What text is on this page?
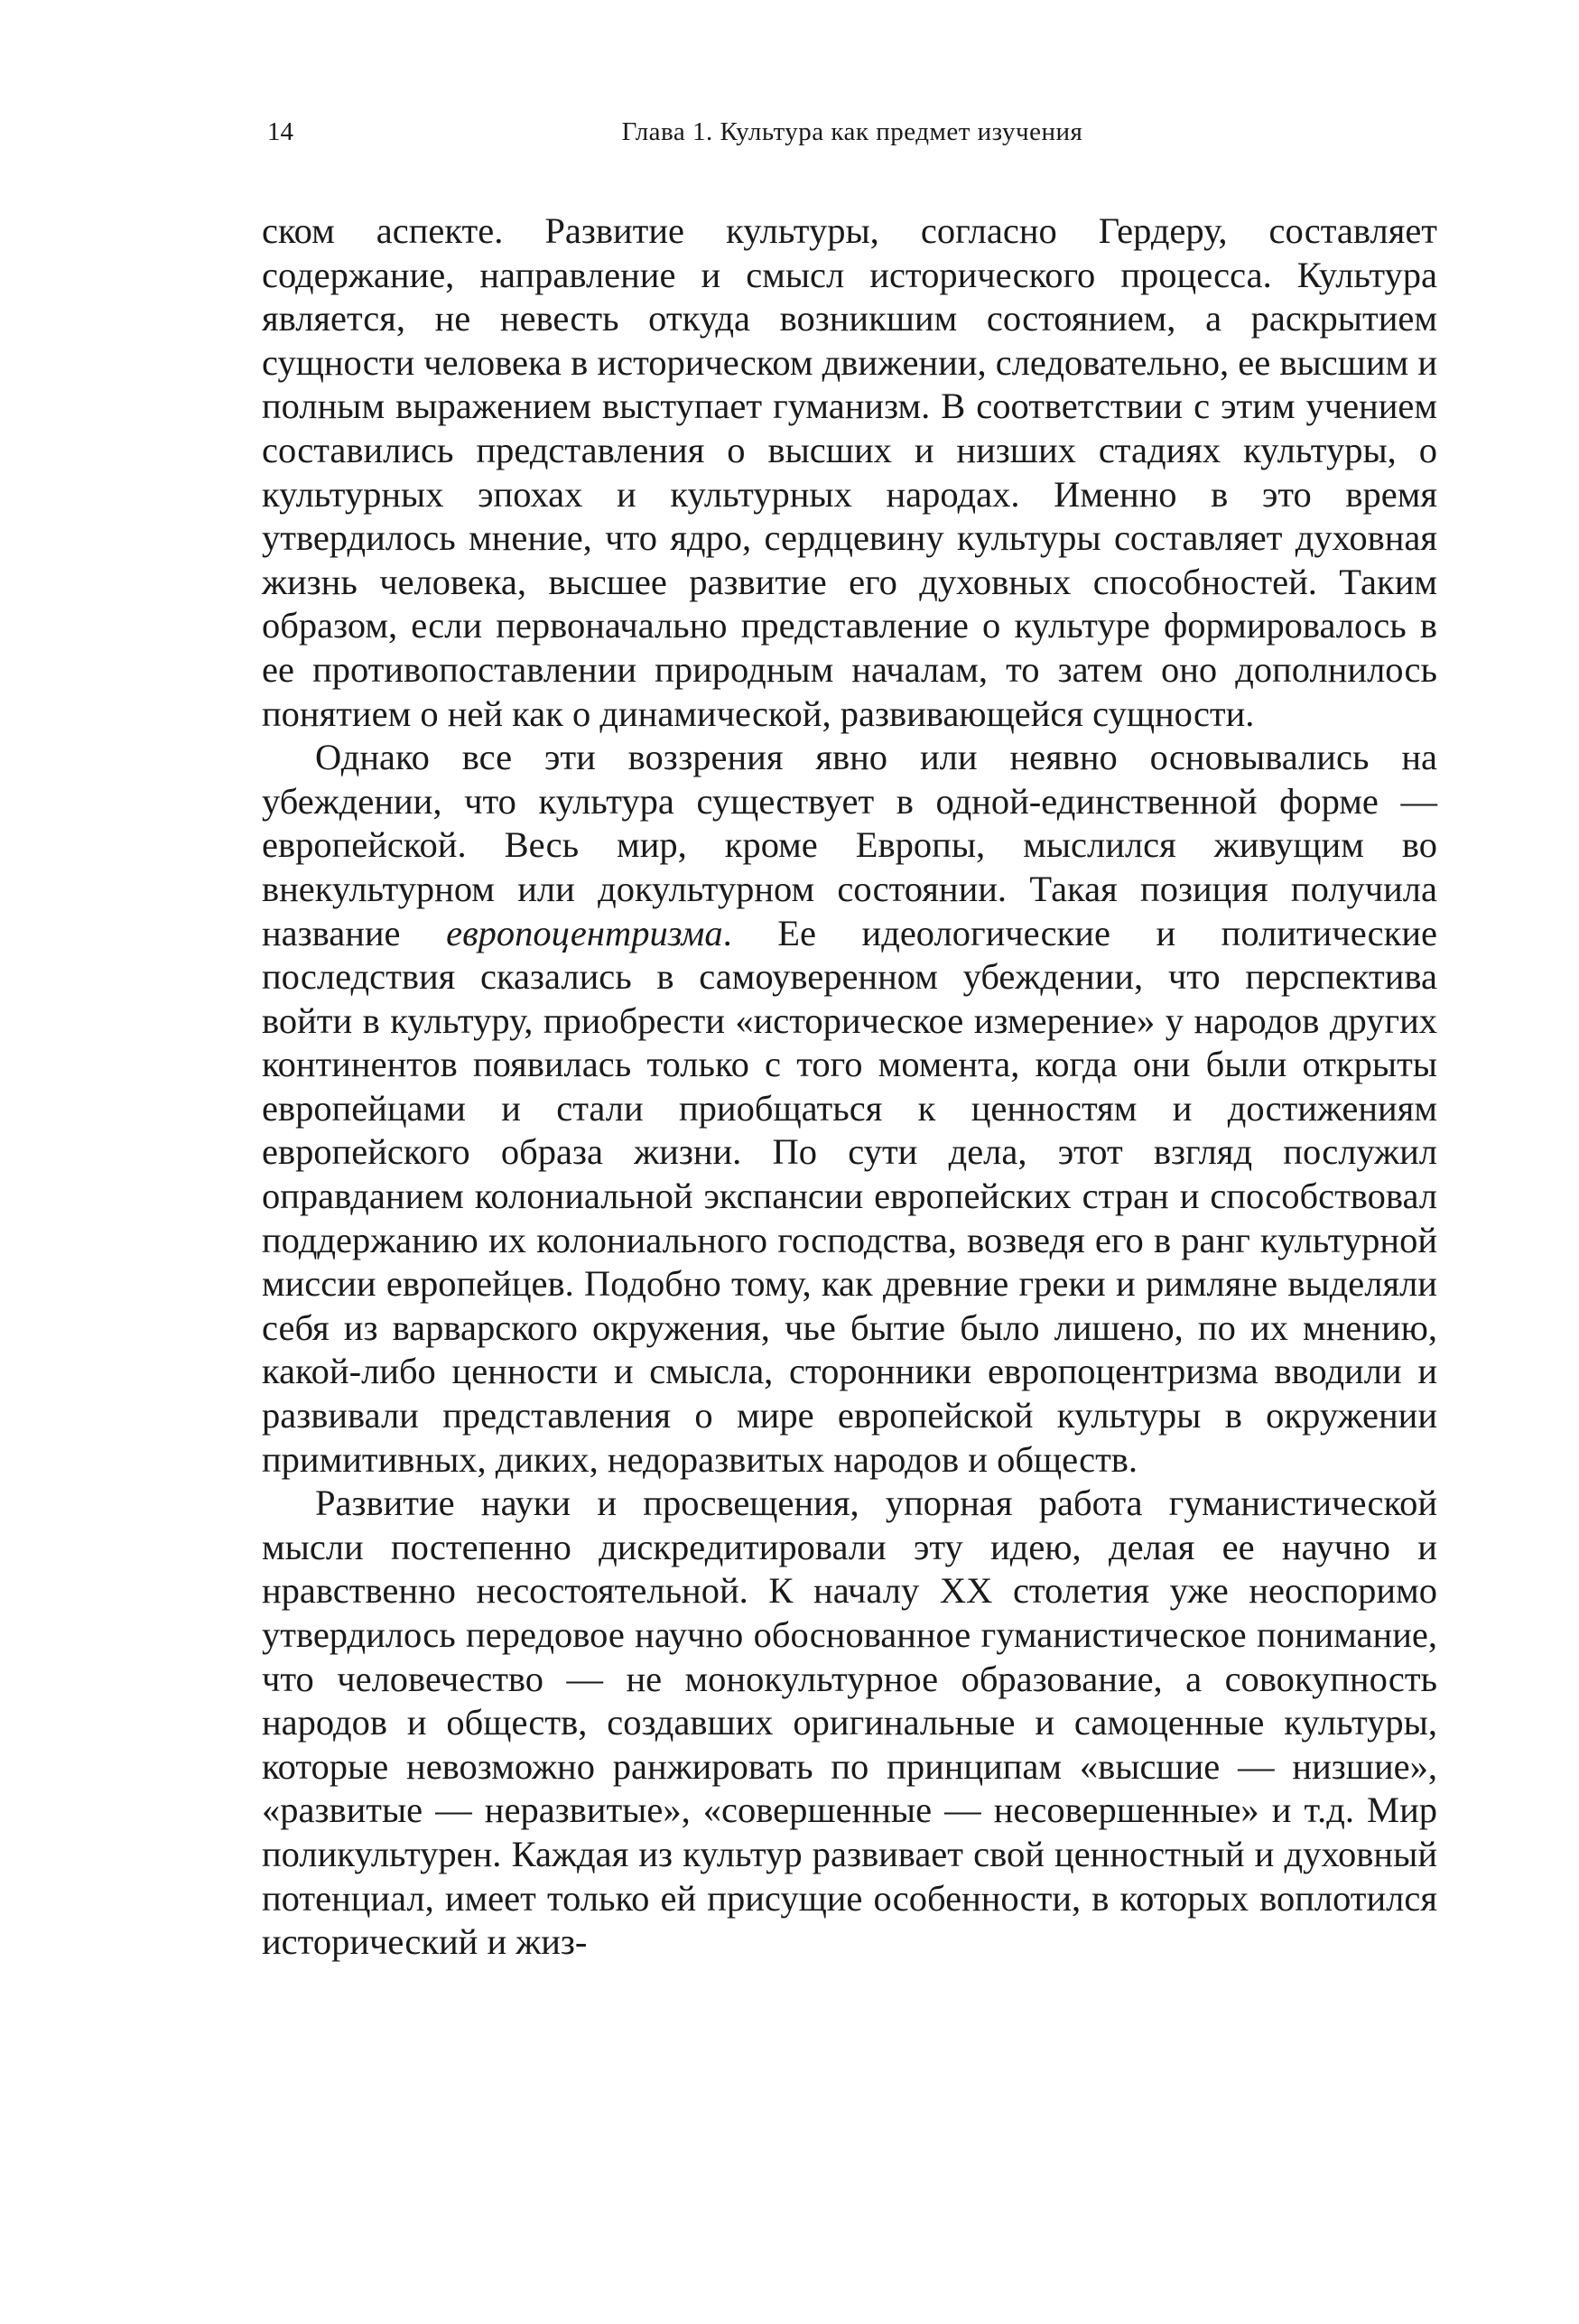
14	Глава 1. Культура как предмет изучения

ском аспекте. Развитие культуры, согласно Гердеру, составляет содержание, направление и смысл исторического процесса. Культура является, не невесть откуда возникшим состоянием, а раскрытием сущности человека в историческом движении, следовательно, ее высшим и полным выражением выступает гуманизм. В соответствии с этим учением составились представления о высших и низших стадиях культуры, о культурных эпохах и культурных народах. Именно в это время утвердилось мнение, что ядро, сердцевину культуры составляет духовная жизнь человека, высшее развитие его духовных способностей. Таким образом, если первоначально представление о культуре формировалось в ее противопоставлении природным началам, то затем оно дополнилось понятием о ней как о динамической, развивающейся сущности.

Однако все эти воззрения явно или неявно основывались на убеждении, что культура существует в одной-единственной форме — европейской. Весь мир, кроме Европы, мыслился живущим во внекультурном или докультурном состоянии. Такая позиция получила название европоцентризма. Ее идеологические и политические последствия сказались в самоуверенном убеждении, что перспектива войти в культуру, приобрести «историческое измерение» у народов других континентов появилась только с того момента, когда они были открыты европейцами и стали приобщаться к ценностям и достижениям европейского образа жизни. По сути дела, этот взгляд послужил оправданием колониальной экспансии европейских стран и способствовал поддержанию их колониального господства, возведя его в ранг культурной миссии европейцев. Подобно тому, как древние греки и римляне выделяли себя из варварского окружения, чье бытие было лишено, по их мнению, какой-либо ценности и смысла, сторонники европоцентризма вводили и развивали представления о мире европейской культуры в окружении примитивных, диких, недоразвитых народов и обществ.

Развитие науки и просвещения, упорная работа гуманистической мысли постепенно дискредитировали эту идею, делая ее научно и нравственно несостоятельной. К началу XX столетия уже неоспоримо утвердилось передовое научно обоснованное гуманистическое понимание, что человечество — не монокультурное образование, а совокупность народов и обществ, создавших оригинальные и самоценные культуры, которые невозможно ранжировать по принципам «высшие — низшие», «развитые — неразвитые», «совершенные — несовершенные» и т.д. Мир поликультурен. Каждая из культур развивает свой ценностный и духовный потенциал, имеет только ей присущие особенности, в которых воплотился исторический и жиз-
